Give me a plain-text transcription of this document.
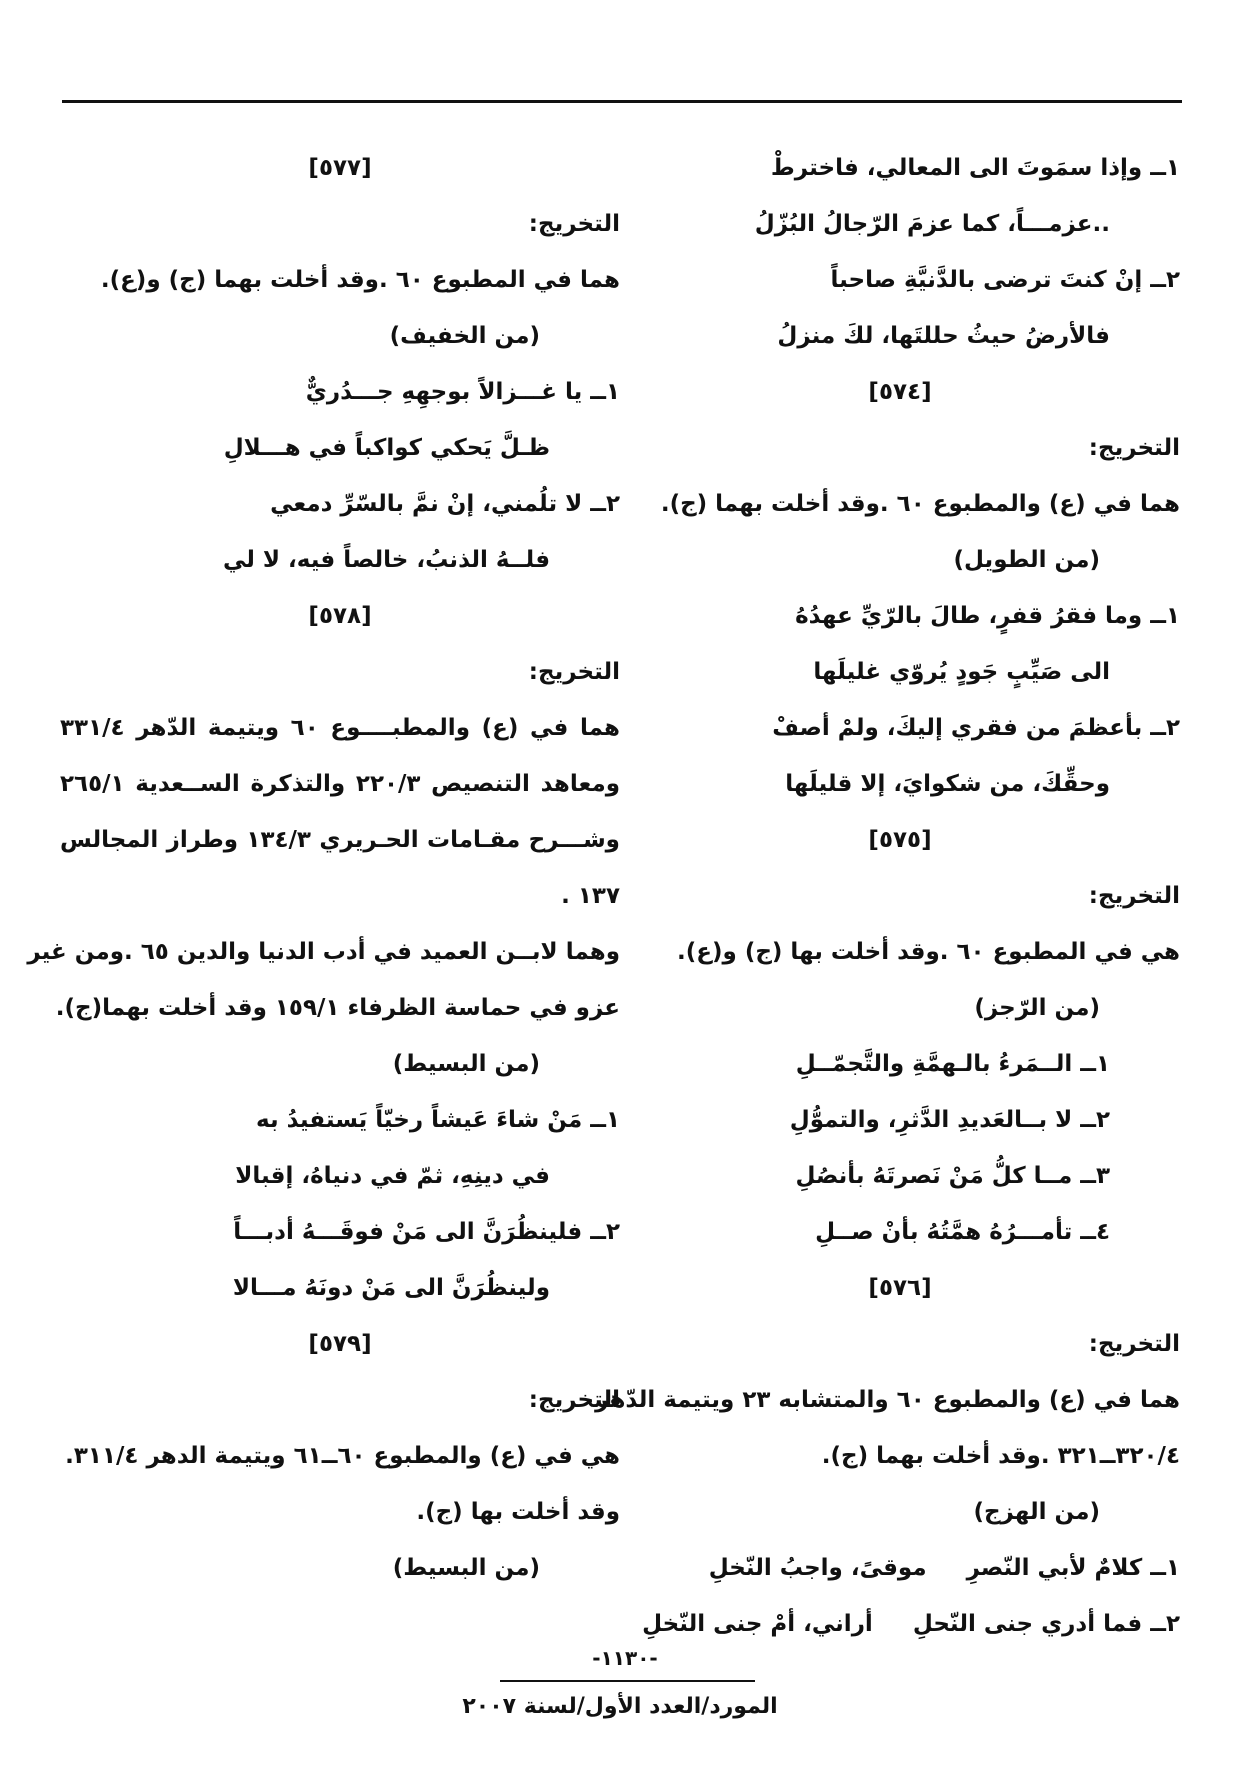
١ــ وإذا سمَوتَ الى المعالي، فاخترطْ
..عزمـــاً، كما عزمَ الرّجالُ البُزّلُ
٢ــ إنْ كنتَ ترضى بالدَّنيَّةِ صاحباً
فالأرضُ حيثُ حللتَها، لكَ منزلُ
[٥٧٤]
التخريج:
هما في (ع) والمطبوع ٦٠ .وقد أخلت بهما (ج).
(من الطويل)
١ــ وما فقرُ قفرٍ، طالَ بالرّيِّ عهدُهُ
الى صَيِّبٍ جَودٍ يُروّي غليلَها
٢ــ بأعظمَ من فقري إليكَ، ولمْ أصفْ
وحقِّكَ، من شكوايَ، إلا قليلَها
[٥٧٥]
التخريج:
هي في المطبوع ٦٠ .وقد أخلت بها (ج) و(ع).
(من الرّجز)
١ــ الــمَرءُ بالـهمَّةِ والتَّجمّــلِ
٢ــ لا بــالعَديدِ الدَّثرِ، والتموُّلِ
٣ــ مــا كلُّ مَنْ نَصرتَهُ بأنصُلِ
٤ــ تأمـــرُهُ همَّتُهُ بأنْ صــلِ
[٥٧٦]
التخريج:
هما في (ع) والمطبوع ٦٠ والمتشابه ٢٣ ويتيمة الدّهر
٣٢٠/٤ــ٣٢١ .وقد أخلت بهما (ج).
(من الهزج)
١ــ كلامٌ لأبي النّصرِ
موقىً، واجبُ النّخلِ
٢ــ فما أدري جنى النّحلِ
أراني، أمْ جنى النّخلِ
[٥٧٧]
التخريج:
هما في المطبوع ٦٠ .وقد أخلت بهما (ج) و(ع).
(من الخفيف)
١ــ يا غـــزالاً بوجهِهِ جـــدُريٌّ
ظـلَّ يَحكي كواكباً في هـــلالِ
٢ــ لا تلُمني، إنْ نمَّ بالسّرِّ دمعي
فلــهُ الذنبُ، خالصاً فيه، لا لي
[٥٧٨]
التخريج:
هما في (ع) والمطبــــوع ٦٠ ويتيمة الدّهر ٣٣١/٤
ومعاهد التنصيص ٢٢٠/٣ والتذكرة الســعدية ٢٦٥/١
وشـــرح مقـامات الحـريري ١٣٤/٣ وطراز المجالس
١٣٧ .
وهما لابــن العميد في أدب الدنيا والدين ٦٥ .ومن غير
عزو في حماسة الظرفاء ١٥٩/١ وقد أخلت بهما(ج).
(من البسيط)
١ــ مَنْ شاءَ عَيشاً رخيّاً يَستفيدُ به
في دينِهِ، ثمّ في دنياهُ، إقبالا
٢ــ فلينظُرَنَّ الى مَنْ فوقَـــهُ أدبـــاً
ولينظُرَنَّ الى مَنْ دونَهُ مـــالا
[٥٧٩]
التخريج:
هي في (ع) والمطبوع ٦٠ــ٦١ ويتيمة الدهر ٣١١/٤.
وقد أخلت بها (ج).
(من البسيط)
-١١٣٠-
المورد/العدد الأول/لسنة ٢٠٠٧
